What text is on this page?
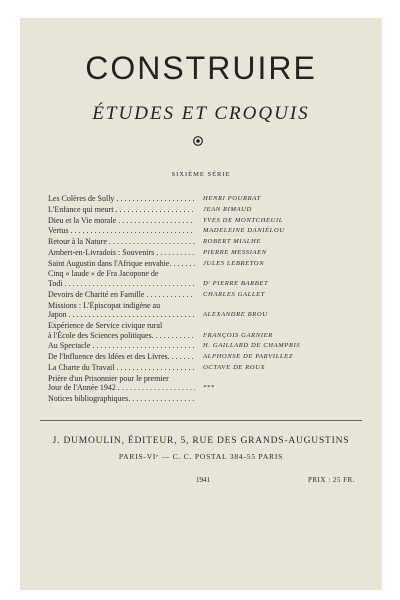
CONSTRUIRE
ÉTUDES ET CROQUIS
SIXIÈME SÉRIE
Les Colères de Sully . . .	HENRI POURRAT
L'Enfance qui meurt . . .	JEAN RIMAUD
Dieu et la Vie morale . . .	YVES DE MONTCHEUIL
Vertus . . .	MADELEINE DANIÉLOU
Retour à la Nature . . .	ROBERT MIALHE
Ambert-en-Livradois : Souvenirs . . .	PIERRE MESSIAEN
Saint Augustin dans l'Afrique envahie. . . .	JULES LEBRETON
Cinq « laude » de Fra Jacopone de
Todi . . .	Dʳ PIERRE BARBET
Devoirs de Charité en Famille . . .	CHARLES GALLET
Missions : L'Épiscopat indigène au
Japon . . .	ALEXANDRE BROU
Expérience de Service civique rural
à l'École des Sciences politiques. . . .	FRANÇOIS GARNIER
Au Spectacle . . .	H. GAILLARD DE CHAMPRIS
De l'Influence des Idées et des Livres. . . .	ALPHONSE DE PARVILLEZ
La Charte du Travail . . .	OCTAVE DE ROUX
Prière d'un Prisonnier pour le premier
Jour de l'Année 1942 . . .	***
Notices bibliographiques.
. . .
J. DUMOULIN, ÉDITEUR, 5, RUE DES GRANDS-AUGUSTINS
PARIS-VIᵉ — C. C. POSTAL 384-55 PARIS
1941	PRIX : 25 FR.
